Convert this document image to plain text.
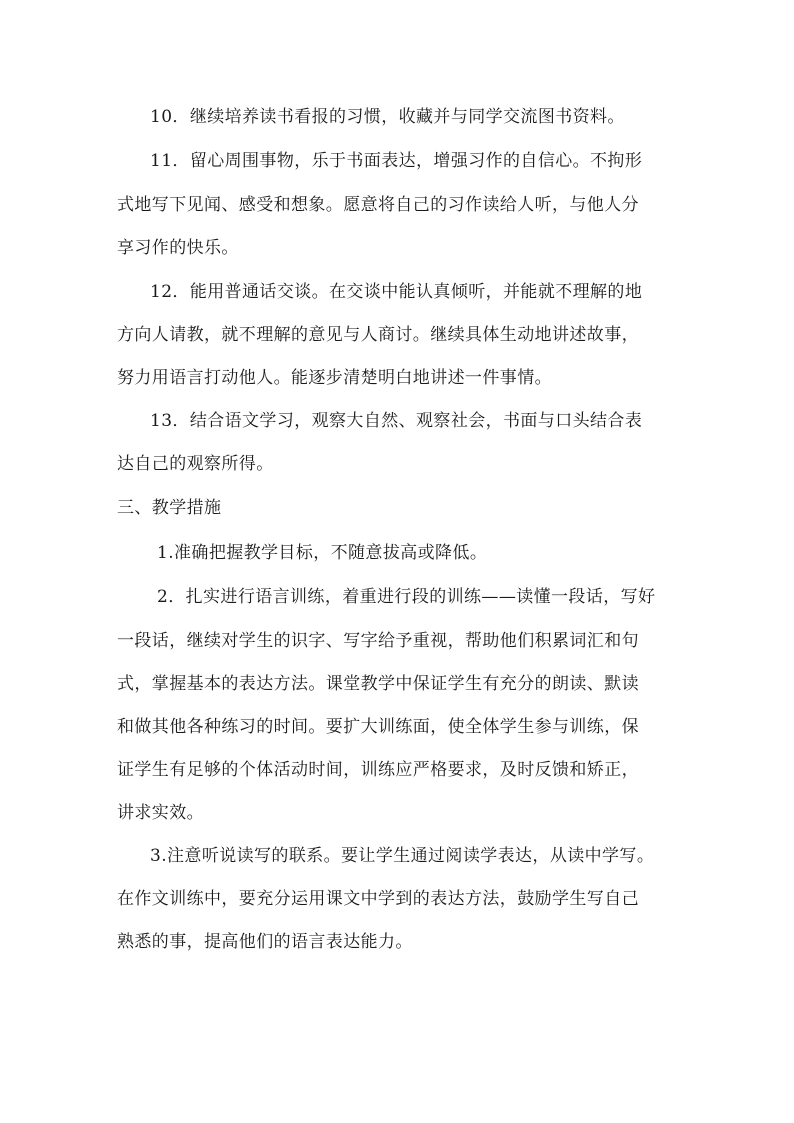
10．继续培养读书看报的习惯，收藏并与同学交流图书资料。
11．留心周围事物，乐于书面表达，增强习作的自信心。不拘形
式地写下见闻、感受和想象。愿意将自己的习作读给人听，与他人分
享习作的快乐。
12．能用普通话交谈。在交谈中能认真倾听，并能就不理解的地
方向人请教，就不理解的意见与人商讨。继续具体生动地讲述故事，
努力用语言打动他人。能逐步清楚明白地讲述一件事情。
13．结合语文学习，观察大自然、观察社会，书面与口头结合表
达自己的观察所得。
三、教学措施
1.准确把握教学目标，不随意拔高或降低。
2．扎实进行语言训练，着重进行段的训练——读懂一段话，写好
一段话，继续对学生的识字、写字给予重视，帮助他们积累词汇和句
式，掌握基本的表达方法。课堂教学中保证学生有充分的朗读、默读
和做其他各种练习的时间。要扩大训练面，使全体学生参与训练，保
证学生有足够的个体活动时间，训练应严格要求，及时反馈和矫正，
讲求实效。
3.注意听说读写的联系。要让学生通过阅读学表达，从读中学写。
在作文训练中，要充分运用课文中学到的表达方法，鼓励学生写自己
熟悉的事，提高他们的语言表达能力。
